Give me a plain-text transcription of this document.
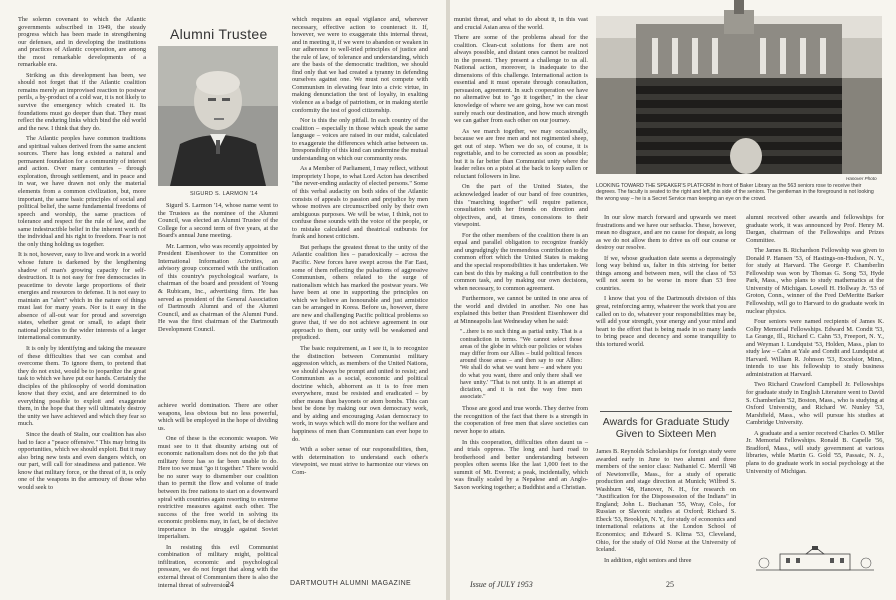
The solemn covenant to which the Atlantic governments subscribed in 1949, the steady progress which has been made in strengthening our defenses, and in developing the institutions and practices of Atlantic cooperation, are among the most remarkable developments of a remarkable era.

Striking as this development has been, we should not forget that if the Atlantic coalition remains merely an improvised reaction to postwar perils, a by-product of a cold war, it is not likely to survive the emergency which created it. Its foundations must go deeper than that. They must reflect the enduring links which bind the old world and the new. I think that they do.

The Atlantic peoples have common traditions and spiritual values derived from the same ancient sources. There has long existed a natural and permanent foundation for a community of interest and action. Over many centuries – through exploration, through settlement, and in peace and in war, we have drawn not only the material elements from a common civilization, but, more important, the same basic principles of social and political belief, the same fundamental freedoms of speech and worship, the same practices of tolerance and respect for the rule of law, and the same indestructible belief in the inherent worth of the individual and his right to freedom. Fear is not the only thing holding us together.

It is not, however, easy to live and work in a world whose future is darkened by the lengthening shadow of man's growing capacity for self-destruction. It is not easy for free democracies in peacetime to devote large proportions of their energies and resources to defense. It is not easy to maintain an "alert" which in the nature of things must last for many years. Nor is it easy in the absence of all-out war for proud and sovereign states, whether great or small, to adapt their national policies to the wider interests of a larger international community.

It is only by identifying and taking the measure of these difficulties that we can combat and overcome them. To ignore them, to pretend that they do not exist, would be to jeopardize the great task to which we have put our hands. Certainly the disciples of the philosophy of world domination know that they exist, and are determined to do everything possible to exploit and exaggerate them, in the hope that they will ultimately destroy the unity we have achieved and which they fear so much.

Since the death of Stalin, our coalition has also had to face a "peace offensive." This may bring its opportunities, which we should exploit. But it may also bring new tests and even dangers which, on our part, will call for steadiness and patience. We know that military force, or the threat of it, is only one of the weapons in the armoury of those who would seek to

Alumni Trustee
SIGURD S. LARMON '14

Sigurd S. Larmon '14, whose name went to the Trustees as the nominee of the Alumni Council, was elected an Alumni Trustee of the College for a second term of five years, at the Board's annual June meeting.

Mr. Larmon, who was recently appointed by President Eisenhower to the Committee on International Information Activities, an advisory group concerned with the unification of this country's psychological warfare, is chairman of the board and president of Young & Rubicam, Inc., advertising firm. He has served as president of the General Association of Dartmouth Alumni and of the Alumni Council, and as chairman of the Alumni Fund. He was the first chairman of the Dartmouth Development Council.

achieve world domination. There are other weapons, less obvious but no less powerful, which will be employed in the hope of dividing us.

One of these is the economic weapon. We must see to it that disunity arising out of economic nationalism does not do the job that military force has so far been unable to do. Here too we must "go it together." There would be no surer way to dismember our coalition than to permit the flow and volume of trade between its free nations to start on a downward spiral with countries again resorting to extreme restrictive measures against each other. The success of the free world in solving its economic problems may, in fact, be of decisive importance in the struggle against Soviet imperialism.

In resisting this evil Communist combination of military might, political infiltration, economic and psychological pressure, we do not forget that along with the external threat of Communism there is also the internal threat of subversion

which requires an equal vigilance and, wherever necessary, effective action to counteract it. If, however, we were to exaggerate this internal threat, and in meeting it, if we were to abandon or weaken in our adherence to well-tried principles of justice and the rule of law, of tolerance and understanding, which are the basis of the democratic tradition, we should find only that we had created a tyranny in defending ourselves against one. We must not compete with Communism in elevating fear into a civic virtue, in making denunciation the test of loyalty, in exalting violence as a badge of patriotism, or in making sterile conformity the test of good citizenship.

Nor is this the only pitfall. In each country of the coalition – especially in those which speak the same language – voices are raised in our midst, calculated to exaggerate the differences which arise between us. Irresponsibility of this kind can undermine the mutual understanding on which our community rests.

As a Member of Parliament, I may reflect, without impropriety I hope, to what Lord Acton has described "the never-ending audacity of elected persons." Some of this verbal audacity on both sides of the Atlantic consists of appeals to passion and prejudice by men whose motives are circumscribed only by their own ambiguous purposes. We will be wise, I think, not to confuse these sounds with the voice of the people, or to mistake calculated and theatrical outbursts for frank and honest criticism.

But perhaps the greatest threat to the unity of the Atlantic coalition lies – paradoxically – across the Pacific. New forces have swept across the Far East, some of them reflecting the pulsations of aggressive Communism, others related to the surge of nationalism which has marked the postwar years. We have been at one in supporting the principles on which we believe an honourable and just armistice can be arranged in Korea. Before us, however, there are new and challenging Pacific political problems so grave that, if we do not achieve agreement in our approach to them, our unity will be weakened and prejudiced.

The basic requirement, as I see it, is to recognize the distinction between Communist military aggression which, as members of the United Nations, we should always be prompt and united to resist; and Communism as a social, economic and political doctrine which, abhorrent as it is to free men everywhere, must be resisted and eradicated – by other means than bayonets or atom bombs. This can best be done by making our own democracy work, and by aiding and encouraging Asian democracy to work, in ways which will do more for the welfare and happiness of men than Communism can ever hope to do.

With a sober sense of our responsibilities, then, with determination to understand each other's viewpoint, we must strive to harmonize our views on Com-

24	DARTMOUTH ALUMNI MAGAZINE

munist threat, and what to do about it, in this vast and crucial Asian area of the world.

There are some of the problems ahead for the coalition. Clean-cut solutions for them are not always possible, and distant ones cannot be realized in the present. They present a challenge to us all. National action, moreover, is inadequate to the dimensions of this challenge. International action is essential and it must operate through consultation, persuasion, agreement. In such cooperation we have no alternative but to "go it together," in the clear knowledge of where we are going, how we can most surely reach our destination, and how much strength we can gather from each other on our journey.

As we march together, we may occasionally, because we are free men and not regimented sheep, get out of step. When we do so, of course, it is regrettable, and to be corrected as soon as possible; but it is far better than Communist unity where the leader relies on a pistol at the back to keep sullen or reluctant followers in line.

On the part of the United States, the acknowledged leader of our band of free countries, this "marching together" will require patience, consultation with her friends on direction and objectives, and, at times, concessions to their viewpoint.

For the other members of the coalition there is an equal and parallel obligation to recognize frankly and ungrudgingly the tremendous contribution to the common effort which the United States is making and the special responsibilities it has undertaken. We can best do this by making a full contribution to the common task, and by making our own decisions, when necessary, to common agreement.

Furthermore, we cannot be united in one area of the world and divided in another. No one has explained this better than President Eisenhower did at Minneapolis last Wednesday when he said:

"...there is no such thing as partial unity. That is a contradiction in terms. "We cannot select those areas of the globe in which our policies or wishes may differ from our Allies – build political fences around those areas – and then say to our Allies: 'We shall do what we want here – and where you do what you want, there and only there shall we have unity.' "That is not unity. It is an attempt at dictation, and it is not the way free men associate."

Those are good and true words. They derive from the recognition of the fact that there is a strength in the cooperation of free men that slave societies can never hope to attain.

In this cooperation, difficulties often daunt us – and trials oppress. The long and hard road to brotherhood and better understanding between peoples often seems like the last 1,000 feet to the summit of Mt. Everest; a peak, incidentally, which was finally scaled by a Nepalese and an Anglo-Saxon working together; a Buddhist and a Christian.

Hanover Photo
LOOKING TOWARD THE SPEAKER'S PLATFORM in front of Baker Library as the 563 seniors rose to receive their degrees. The faculty is seated to the right and left, this side of the seniors. The gentleman in the foreground is not looking the wrong way – he is a Secret Service man keeping an eye on the crowd.

In our slow march forward and upwards we meet frustrations and we have our setbacks. These, however, mean no disgrace, and are no cause for despair, as long as we do not allow them to drive us off our course or destroy our resolve.

If we, whose graduation date seems a depressingly long way behind us, falter in this striving for better things among and between men, will the class of '53 will not seem to be worse in more than 53 free countries.

I know that you of the Dartmouth division of this great, reinforcing army, whatever the work that you are called on to do, whatever your responsibilities may be, will add your strength, your energy and your mind and heart to the effort that is being made in so many lands to bring peace and decency and some tranquillity to this tortured world.

Awards for Graduate Study Given to Sixteen Men

James B. Reynolds Scholarships for foreign study were awarded early in June to two alumni and three members of the senior class: Nathaniel C. Merrill '48 of Newtonville, Mass., for a study of operatic production and stage direction at Munich; Wilfred S. Washburn '48, Hanover, N. H., for research on "Justification for the Dispossession of the Indians" in England; John L. Buchanan '55, Wray, Colo., for Russian or Slavonic studies at Oxford; Richard S. Ebeck '53, Brooklyn, N. Y., for study of economics and international relations at the London School of Economics; and Edward S. Klima '53, Cleveland, Ohio, for the study of Old Norse at the University of Iceland.

In addition, eight seniors and three

alumni received other awards and fellowships for graduate work, it was announced by Prof. Henry M. Dargan, chairman of the Fellowships and Prizes Committee.

The James B. Richardson Fellowship was given to Donald P. Hansen '53, of Hastings-on-Hudson, N. Y., for study at Harvard. The George F. Chamberlin Fellowship was won by Thomas G. Song '53, Hyde Park, Mass., who plans to study mathematics at the University of Michigan. Lowell H. Hollway Jr. '53 of Groton, Conn., winner of the Fred DeMeritte Barker Fellowship, will go to Harvard to do graduate work in nuclear physics.

Four seniors were named recipients of James K. Colby Memorial Fellowships. Edward M. Condit '53, La Grange, Ill., Richard C. Cahn '53, Freeport, N. Y., and Weyman I. Lundquist '53, Holden, Mass., plan to study law – Cahn at Yale and Condit and Lundquist at Harvard. William R. Johnson '53, Excelsior, Minn., intends to use his fellowship to study business administration at Harvard.

Two Richard Crawford Campbell Jr. Fellowships for graduate study in English Literature went to David S. Chamberlain '52, Boston, Mass., who is studying at Oxford University, and Richard W. Nunley '53, Marshfield, Mass., who will pursue his studies at Cambridge University.

A graduate and a senior received Charles O. Miller Jr. Memorial Fellowships. Ronald B. Capelle '56, Bradford, Mass., will study government at various libraries, while Martin G. Gold '55, Passaic, N. J., plans to do graduate work in social psychology at the University of Michigan.

Issue of JULY 1953	25
